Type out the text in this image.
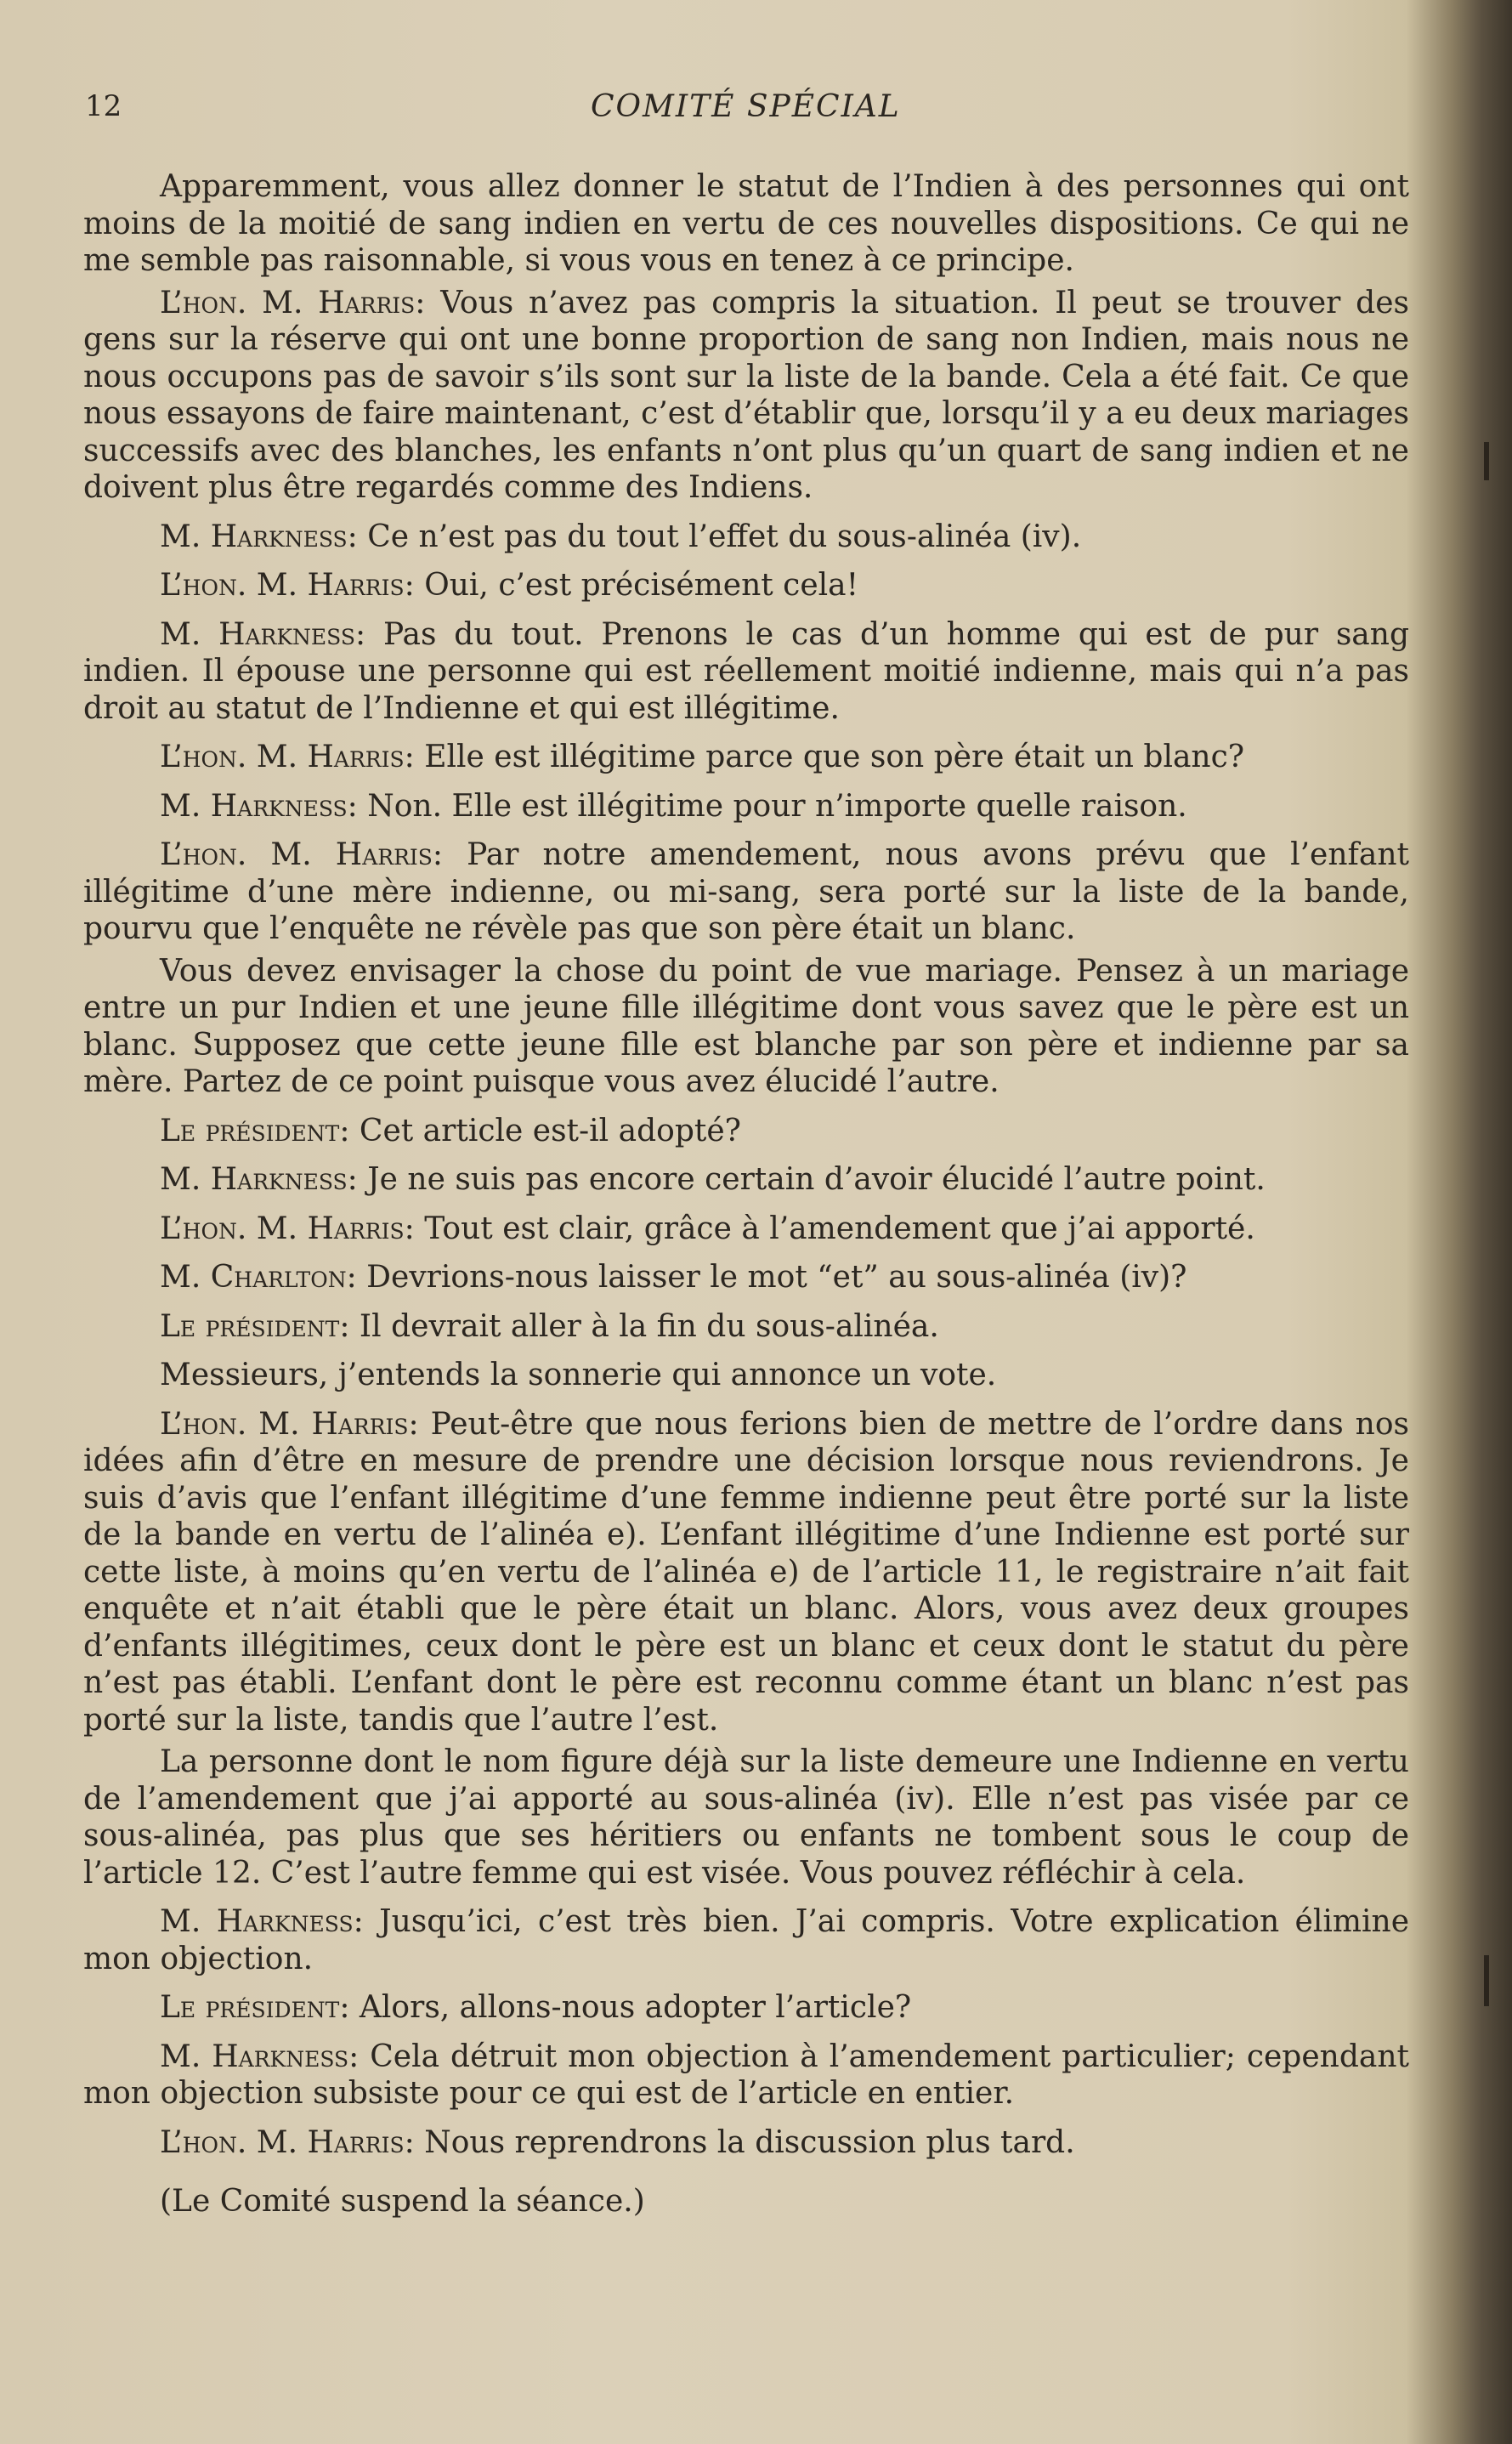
12	COMITÉ SPÉCIAL

Apparemment, vous allez donner le statut de l’Indien à des personnes qui ont moins de la moitié de sang indien en vertu de ces nouvelles dispositions. Ce qui ne me semble pas raisonnable, si vous vous en tenez à ce principe.

L’hon. M. Harris: Vous n’avez pas compris la situation. Il peut se trouver des gens sur la réserve qui ont une bonne proportion de sang non Indien, mais nous ne nous occupons pas de savoir s’ils sont sur la liste de la bande. Cela a été fait. Ce que nous essayons de faire maintenant, c’est d’établir que, lorsqu’il y a eu deux mariages successifs avec des blanches, les enfants n’ont plus qu’un quart de sang indien et ne doivent plus être regardés comme des Indiens.

M. Harkness: Ce n’est pas du tout l’effet du sous-alinéa (iv).

L’hon. M. Harris: Oui, c’est précisément cela!

M. Harkness: Pas du tout. Prenons le cas d’un homme qui est de pur sang indien. Il épouse une personne qui est réellement moitié indienne, mais qui n’a pas droit au statut de l’Indienne et qui est illégitime.

L’hon. M. Harris: Elle est illégitime parce que son père était un blanc?

M. Harkness: Non. Elle est illégitime pour n’importe quelle raison.

L’hon. M. Harris: Par notre amendement, nous avons prévu que l’enfant illégitime d’une mère indienne, ou mi-sang, sera porté sur la liste de la bande, pourvu que l’enquête ne révèle pas que son père était un blanc.

Vous devez envisager la chose du point de vue mariage. Pensez à un mariage entre un pur Indien et une jeune fille illégitime dont vous savez que le père est un blanc. Supposez que cette jeune fille est blanche par son père et indienne par sa mère. Partez de ce point puisque vous avez élucidé l’autre.

Le président: Cet article est-il adopté?

M. Harkness: Je ne suis pas encore certain d’avoir élucidé l’autre point.

L’hon. M. Harris: Tout est clair, grâce à l’amendement que j’ai apporté.

M. Charlton: Devrions-nous laisser le mot “et” au sous-alinéa (iv)?

Le président: Il devrait aller à la fin du sous-alinéa.

Messieurs, j’entends la sonnerie qui annonce un vote.

L’hon. M. Harris: Peut-être que nous ferions bien de mettre de l’ordre dans nos idées afin d’être en mesure de prendre une décision lorsque nous reviendrons. Je suis d’avis que l’enfant illégitime d’une femme indienne peut être porté sur la liste de la bande en vertu de l’alinéa e). L’enfant illégitime d’une Indienne est porté sur cette liste, à moins qu’en vertu de l’alinéa e) de l’article 11, le registraire n’ait fait enquête et n’ait établi que le père était un blanc. Alors, vous avez deux groupes d’enfants illégitimes, ceux dont le père est un blanc et ceux dont le statut du père n’est pas établi. L’enfant dont le père est reconnu comme étant un blanc n’est pas porté sur la liste, tandis que l’autre l’est.

La personne dont le nom figure déjà sur la liste demeure une Indienne en vertu de l’amendement que j’ai apporté au sous-alinéa (iv). Elle n’est pas visée par ce sous-alinéa, pas plus que ses héritiers ou enfants ne tombent sous le coup de l’article 12. C’est l’autre femme qui est visée. Vous pouvez réfléchir à cela.

M. Harkness: Jusqu’ici, c’est très bien. J’ai compris. Votre explication élimine mon objection.

Le président: Alors, allons-nous adopter l’article?

M. Harkness: Cela détruit mon objection à l’amendement particulier; cependant mon objection subsiste pour ce qui est de l’article en entier.

L’hon. M. Harris: Nous reprendrons la discussion plus tard.

(Le Comité suspend la séance.)
